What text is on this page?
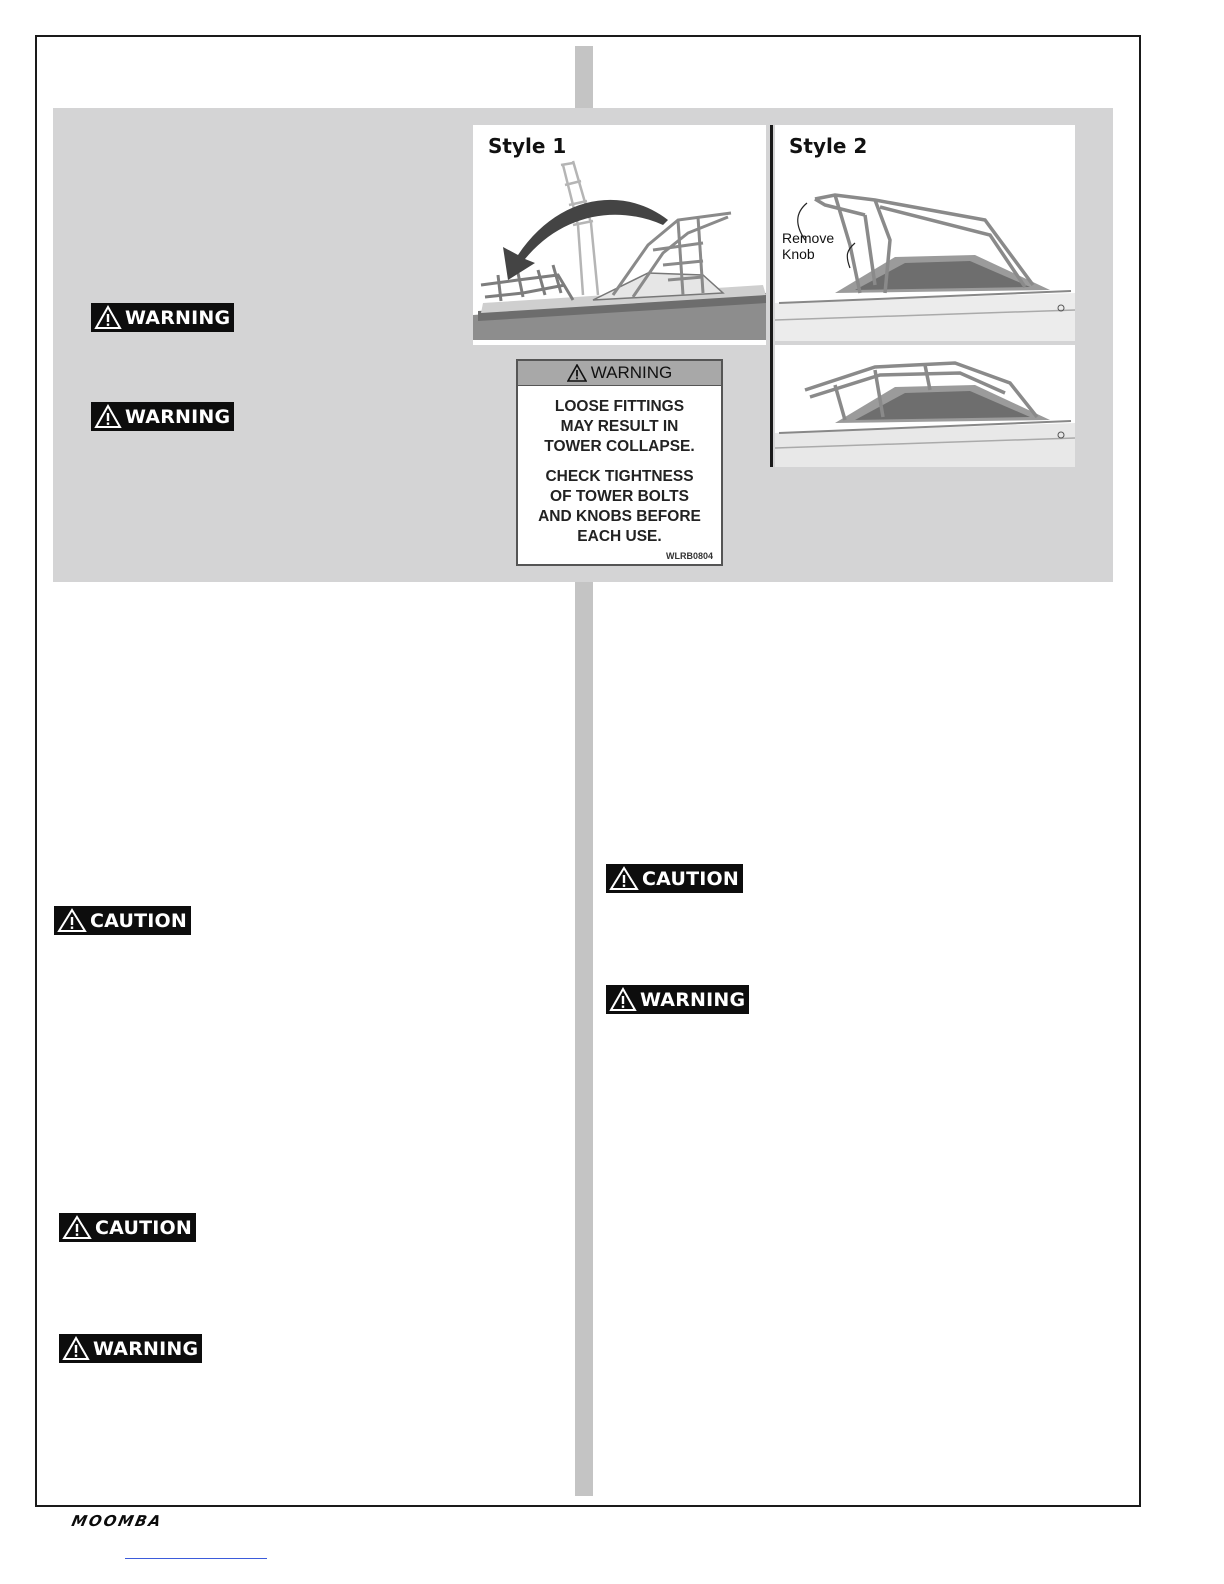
Style 1	Style 2
Remove
Knob
WARNING
LOOSE FITTINGS
MAY RESULT IN
TOWER COLLAPSE.
CHECK TIGHTNESS
OF TOWER BOLTS
AND KNOBS BEFORE
EACH USE.
WLRB0804
WARNING
WARNING
CAUTION
CAUTION
WARNING
CAUTION
WARNING
MOOMBA
